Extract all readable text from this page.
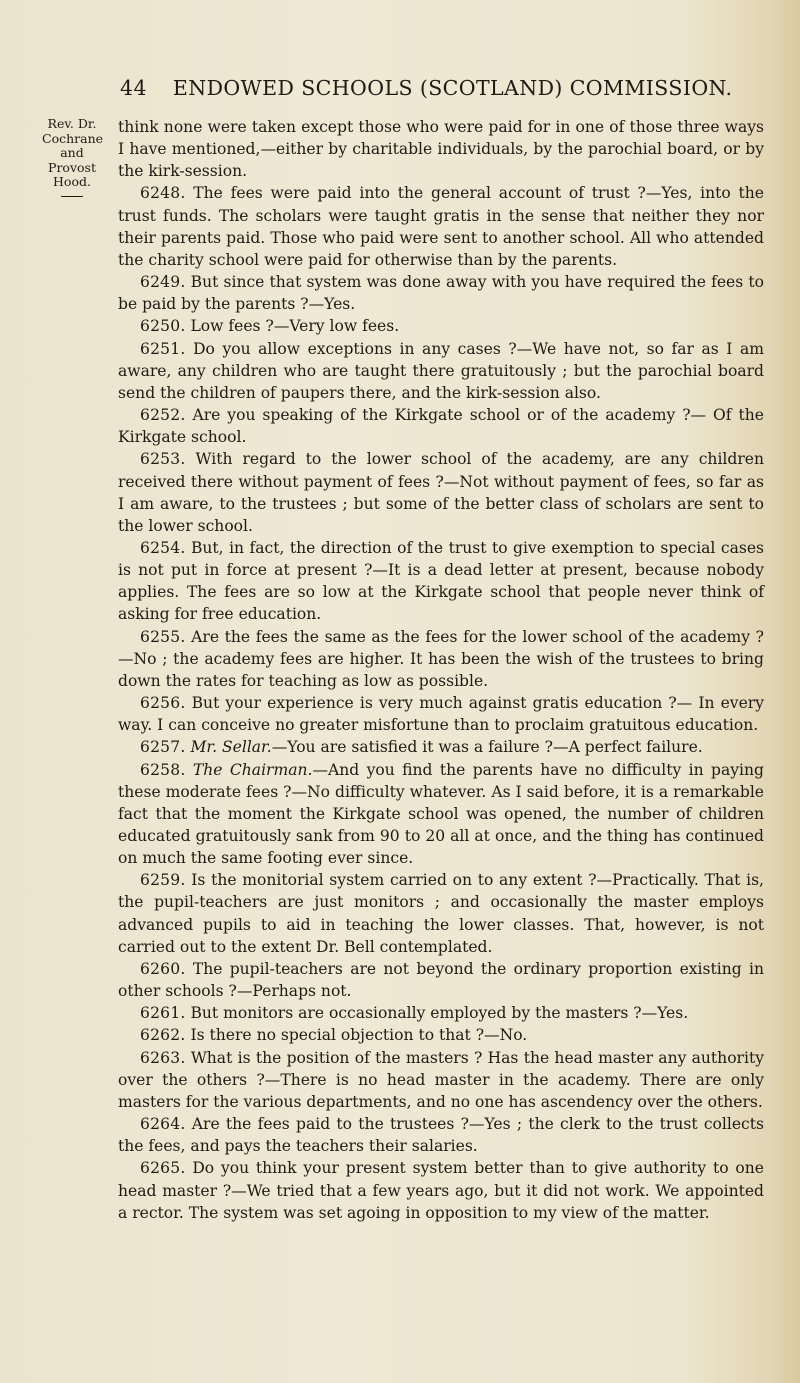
44 ENDOWED SCHOOLS (SCOTLAND) COMMISSION.
Rev. Dr.
Cochrane
and
Provost
Hood.

think none were taken except those who were paid for in one of those three ways I have mentioned,—either by charitable individuals, by the parochial board, or by the kirk-session.

6248. The fees were paid into the general account of trust ?—Yes, into the trust funds. The scholars were taught gratis in the sense that neither they nor their parents paid. Those who paid were sent to another school. All who attended the charity school were paid for otherwise than by the parents.

6249. But since that system was done away with you have required the fees to be paid by the parents ?—Yes.

6250. Low fees ?—Very low fees.

6251. Do you allow exceptions in any cases ?—We have not, so far as I am aware, any children who are taught there gratuitously ; but the parochial board send the children of paupers there, and the kirk-session also.

6252. Are you speaking of the Kirkgate school or of the academy ?— Of the Kirkgate school.

6253. With regard to the lower school of the academy, are any children received there without payment of fees ?—Not without payment of fees, so far as I am aware, to the trustees ; but some of the better class of scholars are sent to the lower school.

6254. But, in fact, the direction of the trust to give exemption to special cases is not put in force at present ?—It is a dead letter at present, because nobody applies. The fees are so low at the Kirkgate school that people never think of asking for free education.

6255. Are the fees the same as the fees for the lower school of the academy ?—No ; the academy fees are higher. It has been the wish of the trustees to bring down the rates for teaching as low as possible.

6256. But your experience is very much against gratis education ?— In every way. I can conceive no greater misfortune than to proclaim gratuitous education.

6257. Mr. Sellar.—You are satisfied it was a failure ?—A perfect failure.

6258. The Chairman.—And you find the parents have no difficulty in paying these moderate fees ?—No difficulty whatever. As I said before, it is a remarkable fact that the moment the Kirkgate school was opened, the number of children educated gratuitously sank from 90 to 20 all at once, and the thing has continued on much the same footing ever since.

6259. Is the monitorial system carried on to any extent ?—Practically. That is, the pupil-teachers are just monitors ; and occasionally the master employs advanced pupils to aid in teaching the lower classes. That, however, is not carried out to the extent Dr. Bell contemplated.

6260. The pupil-teachers are not beyond the ordinary proportion existing in other schools ?—Perhaps not.

6261. But monitors are occasionally employed by the masters ?—Yes.

6262. Is there no special objection to that ?—No.

6263. What is the position of the masters ? Has the head master any authority over the others ?—There is no head master in the academy. There are only masters for the various departments, and no one has ascendency over the others.

6264. Are the fees paid to the trustees ?—Yes ; the clerk to the trust collects the fees, and pays the teachers their salaries.

6265. Do you think your present system better than to give authority to one head master ?—We tried that a few years ago, but it did not work. We appointed a rector. The system was set agoing in opposition to my view of the matter.
